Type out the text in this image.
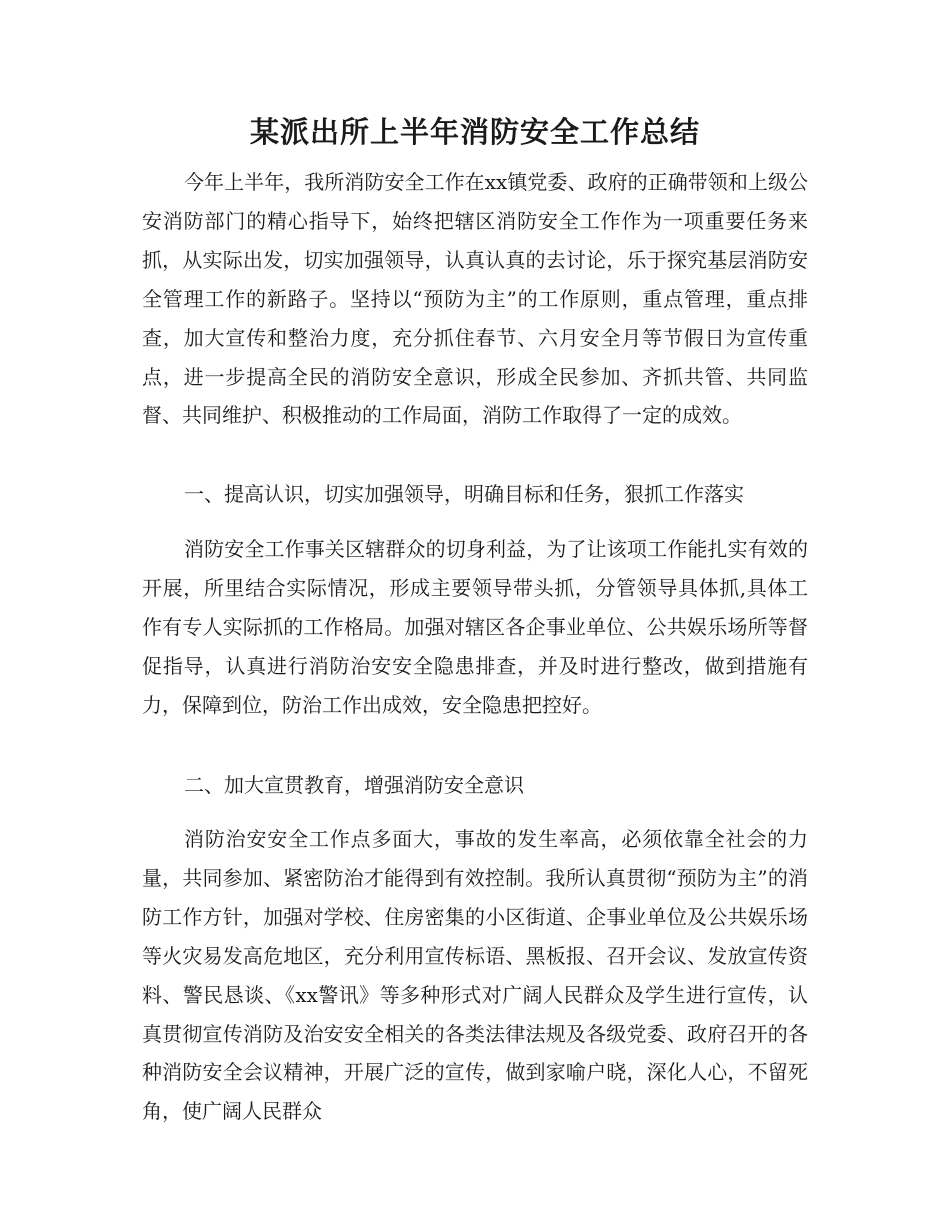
某派出所上半年消防安全工作总结

今年上半年，我所消防安全工作在xx镇党委、政府的正确带领和上级公安消防部门的精心指导下，始终把辖区消防安全工作作为一项重要任务来抓，从实际出发，切实加强领导，认真认真的去讨论，乐于探究基层消防安全管理工作的新路子。坚持以“预防为主”的工作原则，重点管理，重点排查，加大宣传和整治力度，充分抓住春节、六月安全月等节假日为宣传重点，进一步提高全民的消防安全意识，形成全民参加、齐抓共管、共同监督、共同维护、积极推动的工作局面，消防工作取得了一定的成效。

一、提高认识，切实加强领导，明确目标和任务，狠抓工作落实

消防安全工作事关区辖群众的切身利益，为了让该项工作能扎实有效的开展，所里结合实际情况，形成主要领导带头抓，分管领导具体抓,具体工作有专人实际抓的工作格局。加强对辖区各企事业单位、公共娱乐场所等督促指导，认真进行消防治安安全隐患排查，并及时进行整改，做到措施有力，保障到位，防治工作出成效，安全隐患把控好。

二、加大宣贯教育，增强消防安全意识

消防治安安全工作点多面大，事故的发生率高，必须依靠全社会的力量，共同参加、紧密防治才能得到有效控制。我所认真贯彻“预防为主”的消防工作方针，加强对学校、住房密集的小区街道、企事业单位及公共娱乐场等火灾易发高危地区，充分利用宣传标语、黑板报、召开会议、发放宣传资料、警民恳谈、《xx警讯》等多种形式对广阔人民群众及学生进行宣传，认真贯彻宣传消防及治安安全相关的各类法律法规及各级党委、政府召开的各种消防安全会议精神，开展广泛的宣传，做到家喻户晓，深化人心，不留死角，使广阔人民群众
